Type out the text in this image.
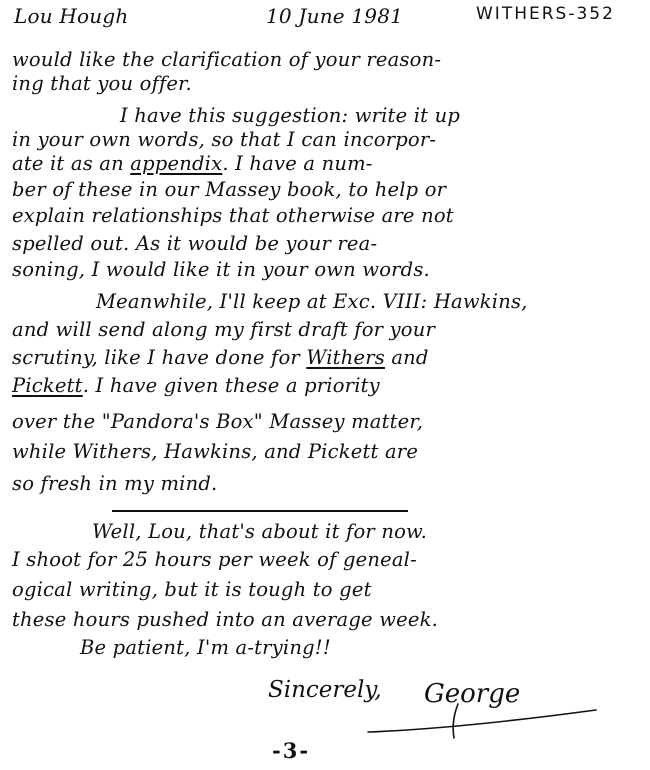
Lou Hough	10 June 1981	WITHERS-352
would like the clarification of your reason-
ing that you offer.
I have this suggestion: write it up
in your own words, so that I can incorpor-
ate it as an appendix. I have a num-
ber of these in our Massey book, to help or
explain relationships that otherwise are not
spelled out. As it would be your rea-
soning, I would like it in your own words.
Meanwhile, I'll keep at Exc. VIII: Hawkins,
and will send along my first draft for your
scrutiny, like I have done for Withers and
Pickett. I have given these a priority
over the "Pandora's Box" Massey matter,
while Withers, Hawkins, and Pickett are
so fresh in my mind.
Well, Lou, that's about it for now.
I shoot for 25 hours per week of geneal-
ogical writing, but it is tough to get
these hours pushed into an average week.
Be patient, I'm a-trying!!
Sincerely, George
-3-
